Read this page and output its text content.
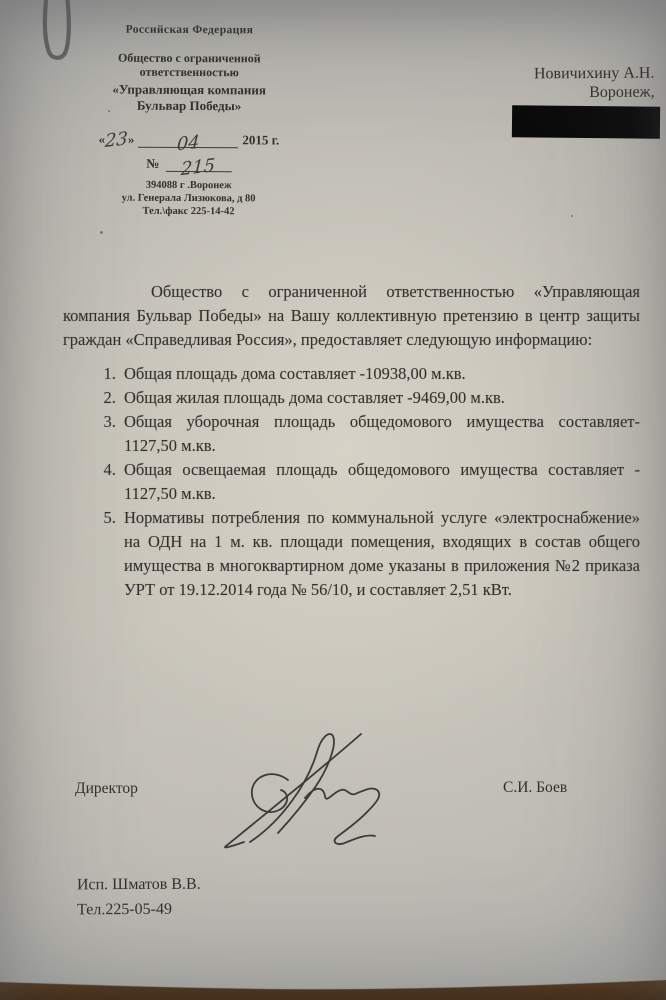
Российская Федерация
Общество с ограниченной
ответственностью
«Управляющая компания
Бульвар Победы»
« 23 »	04	2015 г.
№	215
394088 г .Воронеж
ул. Генерала Лизюкова, д 80
Тел.\факс 225-14-42
Новичихину А.Н.
Воронеж,

Общество с ограниченной ответственностью «Управляющая компания Бульвар Победы» на Вашу коллективную претензию в центр защиты граждан «Справедливая Россия», предоставляет следующую информацию:

1. Общая площадь дома составляет -10938,00 м.кв.
2. Общая жилая площадь дома составляет -9469,00 м.кв.
3. Общая уборочная площадь общедомового имущества составляет- 1127,50 м.кв.
4. Общая освещаемая площадь общедомового имущества составляет - 1127,50 м.кв.
5. Нормативы потребления по коммунальной услуге «электроснабжение» на ОДН на 1 м. кв. площади помещения, входящих в состав общего имущества в многоквартирном доме указаны в приложения №2 приказа УРТ от 19.12.2014 года № 56/10, и составляет 2,51 кВт.
Директор	С.И. Боев
Исп. Шматов В.В.
Тел.225-05-49
